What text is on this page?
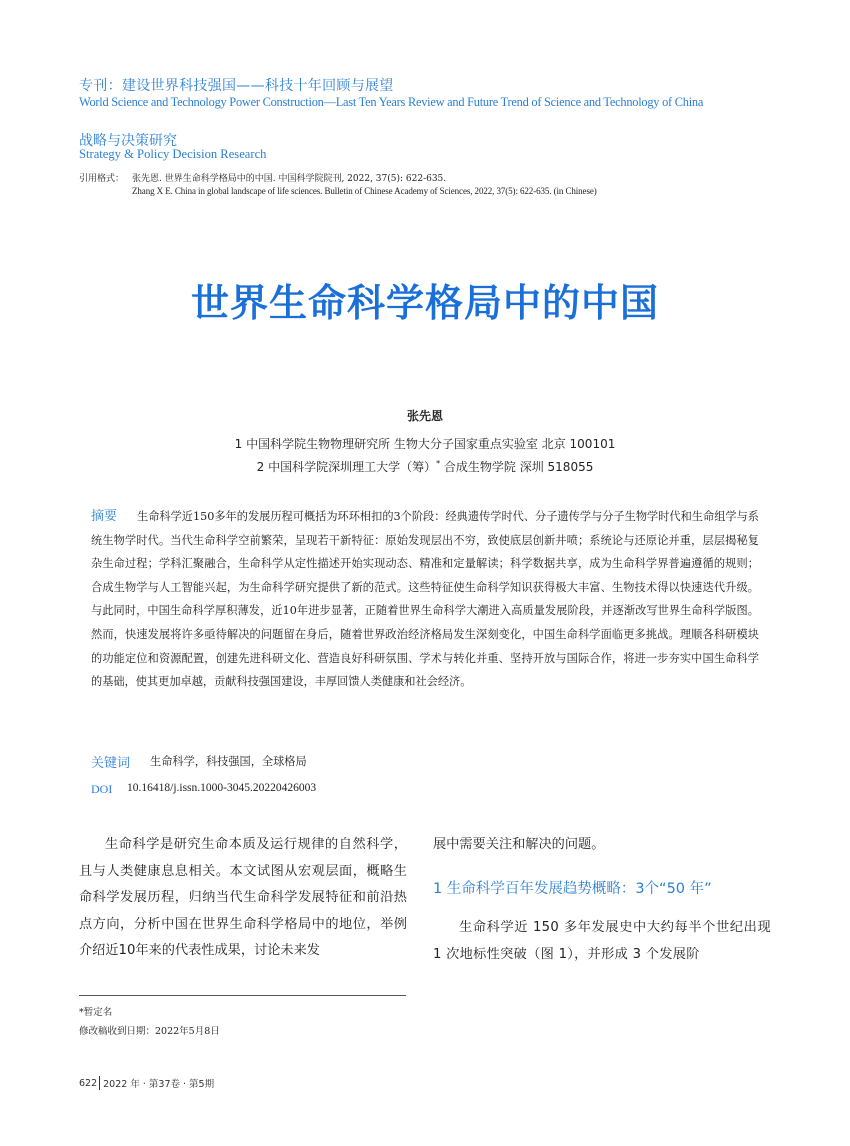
专刊：建设世界科技强国——科技十年回顾与展望
World Science and Technology Power Construction—Last Ten Years Review and Future Trend of Science and Technology of China
战略与决策研究
Strategy & Policy Decision Research
引用格式： 张先恩. 世界生命科学格局中的中国. 中国科学院院刊, 2022, 37(5): 622-635.
Zhang X E. China in global landscape of life sciences. Bulletin of Chinese Academy of Sciences, 2022, 37(5): 622-635. (in Chinese)
世界生命科学格局中的中国
张先恩
1 中国科学院生物物理研究所 生物大分子国家重点实验室 北京 100101
2 中国科学院深圳理工大学（筹）* 合成生物学院 深圳 518055
摘要	生命科学近150多年的发展历程可概括为环环相扣的3个阶段：经典遗传学时代、分子遗传学与分子生物学时代和生命组学与系统生物学时代。当代生命科学空前繁荣，呈现若干新特征：原始发现层出不穷，致使底层创新井喷；系统论与还原论并重，层层揭秘复杂生命过程；学科汇聚融合，生命科学从定性描述开始实现动态、精准和定量解读；科学数据共享，成为生命科学界普遍遵循的规则；合成生物学与人工智能兴起，为生命科学研究提供了新的范式。这些特征使生命科学知识获得极大丰富、生物技术得以快速迭代升级。与此同时，中国生命科学厚积薄发，近10年进步显著，正随着世界生命科学大潮进入高质量发展阶段，并逐渐改写世界生命科学版图。然而，快速发展将许多亟待解决的问题留在身后，随着世界政治经济格局发生深刻变化，中国生命科学面临更多挑战。理顺各科研模块的功能定位和资源配置，创建先进科研文化、营造良好科研氛围、学术与转化并重、坚持开放与国际合作，将进一步夯实中国生命科学的基础，使其更加卓越，贡献科技强国建设，丰厚回馈人类健康和社会经济。

关键词 生命科学，科技强国，全球格局
DOI 10.16418/j.issn.1000-3045.20220426003

生命科学是研究生命本质及运行规律的自然科学，且与人类健康息息相关。本文试图从宏观层面，概略生命科学发展历程，归纳当代生命科学发展特征和前沿热点方向，分析中国在世界生命科学格局中的地位，举例介绍近10年来的代表性成果，讨论未来发

展中需要关注和解决的问题。

1 生命科学百年发展趋势概略：3个“50 年”

生命科学近 150 多年发展史中大约每半个世纪出现 1 次地标性突破（图 1），并形成 3 个发展阶

*暂定名
修改稿收到日期：2022年5月8日
622 2022 年 · 第37卷 · 第5期
